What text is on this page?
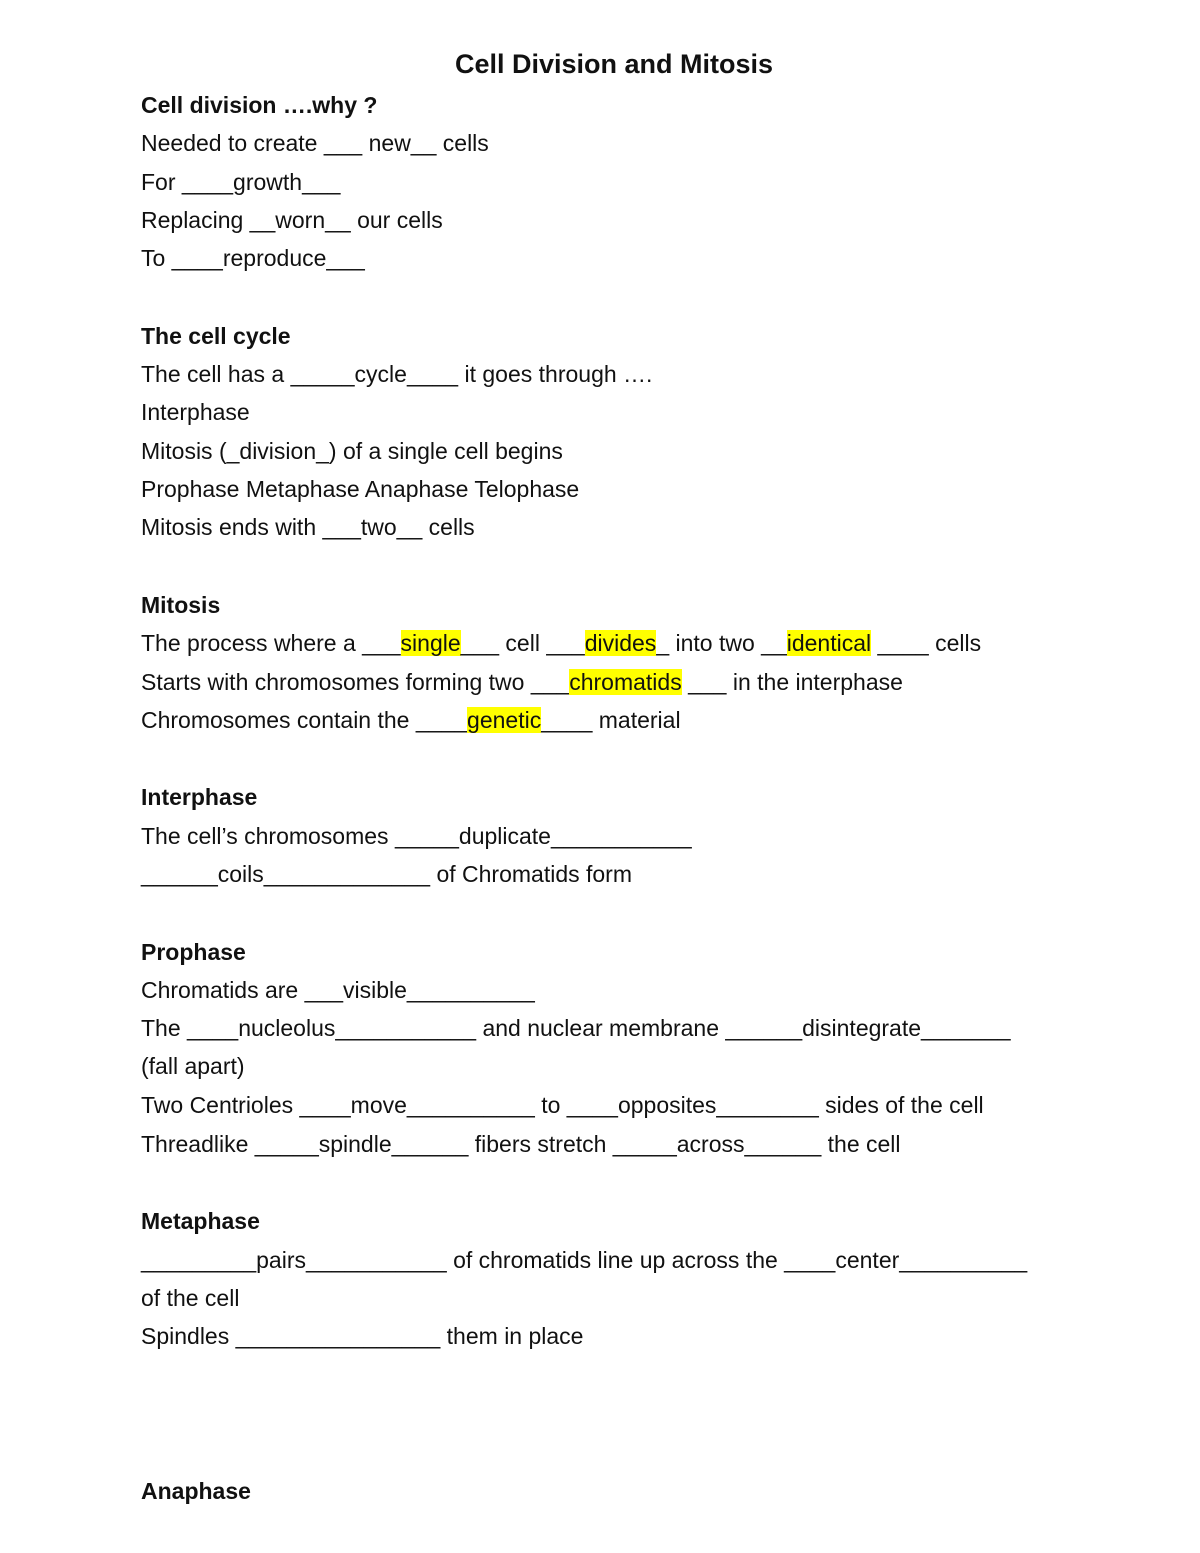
Cell Division and Mitosis
Cell division ….why ?
Needed to create ___ new__ cells
For ____growth___
Replacing __worn__ our cells
To ____reproduce___
The cell cycle
The cell has a _____cycle____ it goes through ….
Interphase
Mitosis (_division_) of a single cell begins
Prophase Metaphase Anaphase Telophase
Mitosis ends with ___two__ cells
Mitosis
The process where a ___single___ cell ___divides_ into two __identical ____ cells
Starts with chromosomes forming two ___chromatids ___ in the interphase
Chromosomes contain the ____genetic____ material
Interphase
The cell’s chromosomes _____duplicate___________
______coils_____________ of Chromatids form
Prophase
Chromatids are ___visible__________
The ____nucleolus___________ and nuclear membrane ______disintegrate_______
(fall apart)
Two Centrioles ____move__________ to ____opposites________ sides of the cell
Threadlike _____spindle______ fibers stretch _____across______ the cell
Metaphase
_________pairs___________ of chromatids line up across the ____center__________
of the cell
Spindles ________________ them in place
Anaphase
